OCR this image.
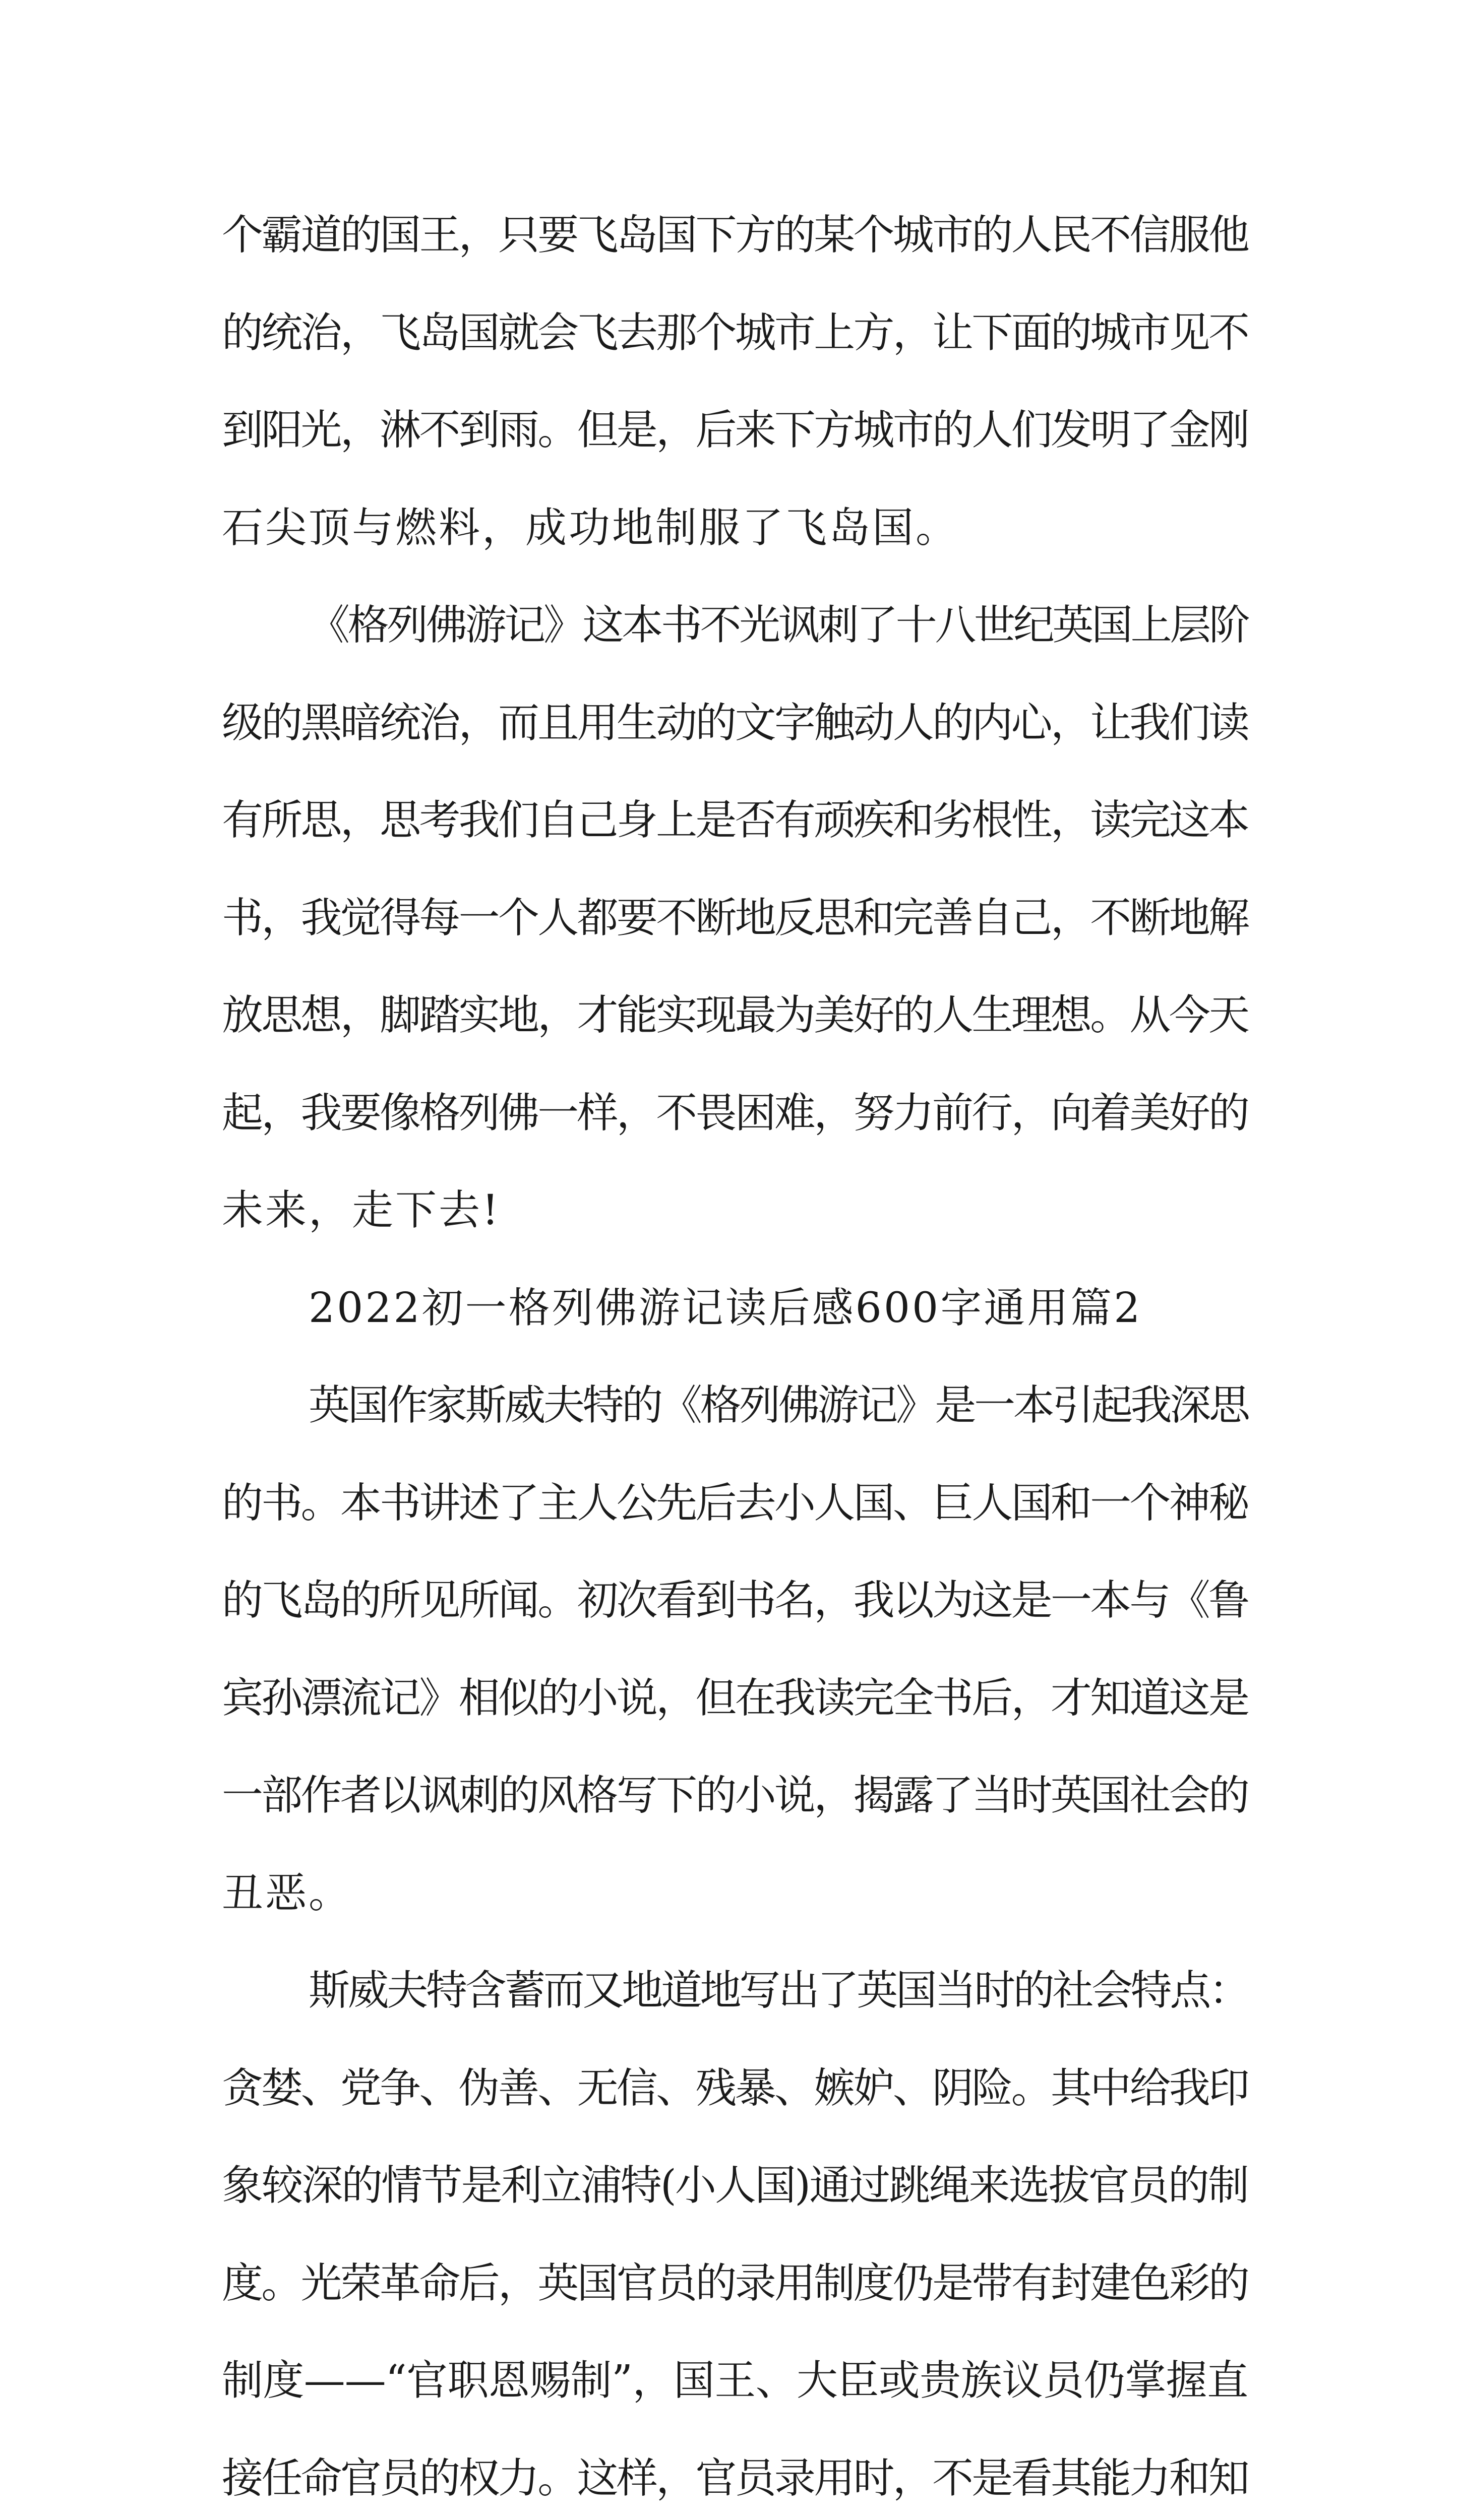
个霸道的国王，只要飞岛国下方的某个城市的人民不信服他
的统治，飞岛国就会飞去那个城市上方，让下面的城市见不
到阳光，淋不到雨。但是，后来下方城市的人们发明了金刚
石尖顶与燃料，成功地制服了飞岛国。
《格列佛游记》这本书不光讽刺了十八世纪英国上层阶
级的黑暗统治，而且用生动的文字触动人的内心，让我们读
有所思，思考我们自己身上是否有顽疾和劣根性，读完这本
书，我觉得每一个人都要不断地反思和完善自己，不断地解
放思想，脚踏实地，才能实现最为美好的人生理想。从今天
起，我要像格列佛一样，不畏困难，努力前行，向着美好的
未来，走下去!
2022初一格列佛游记读后感600字通用篇2
英国作家斯威夫特的《格列佛游记》是一本引起我深思
的书。本书讲述了主人公先后去小人国、巨人国和一个神秘
的飞岛的所见所闻。初次看到书名，我以为这是一本与《鲁
宾孙漂流记》相似的小说，但在我读完全书后，才知道这是
一部作者以讽刺的风格写下的小说，揭露了当时英国社会的
丑恶。
斯威夫特含蓄而又地道地写出了英国当时的社会特点：
贪婪、党争、伪善、无信、残暴、嫉妒、阴险。其中给我印
象较深的情节是利立浦特(小人国)通过跳绳来选拔官员的制
度。光荣革命后，英国官员的录用制度仍是带有封建色彩的
制度——“官职恩赐制”，国王、大臣或贵族议员仍掌握直
接任命官员的权力。这样，官员录用时，不是看其能力和知
